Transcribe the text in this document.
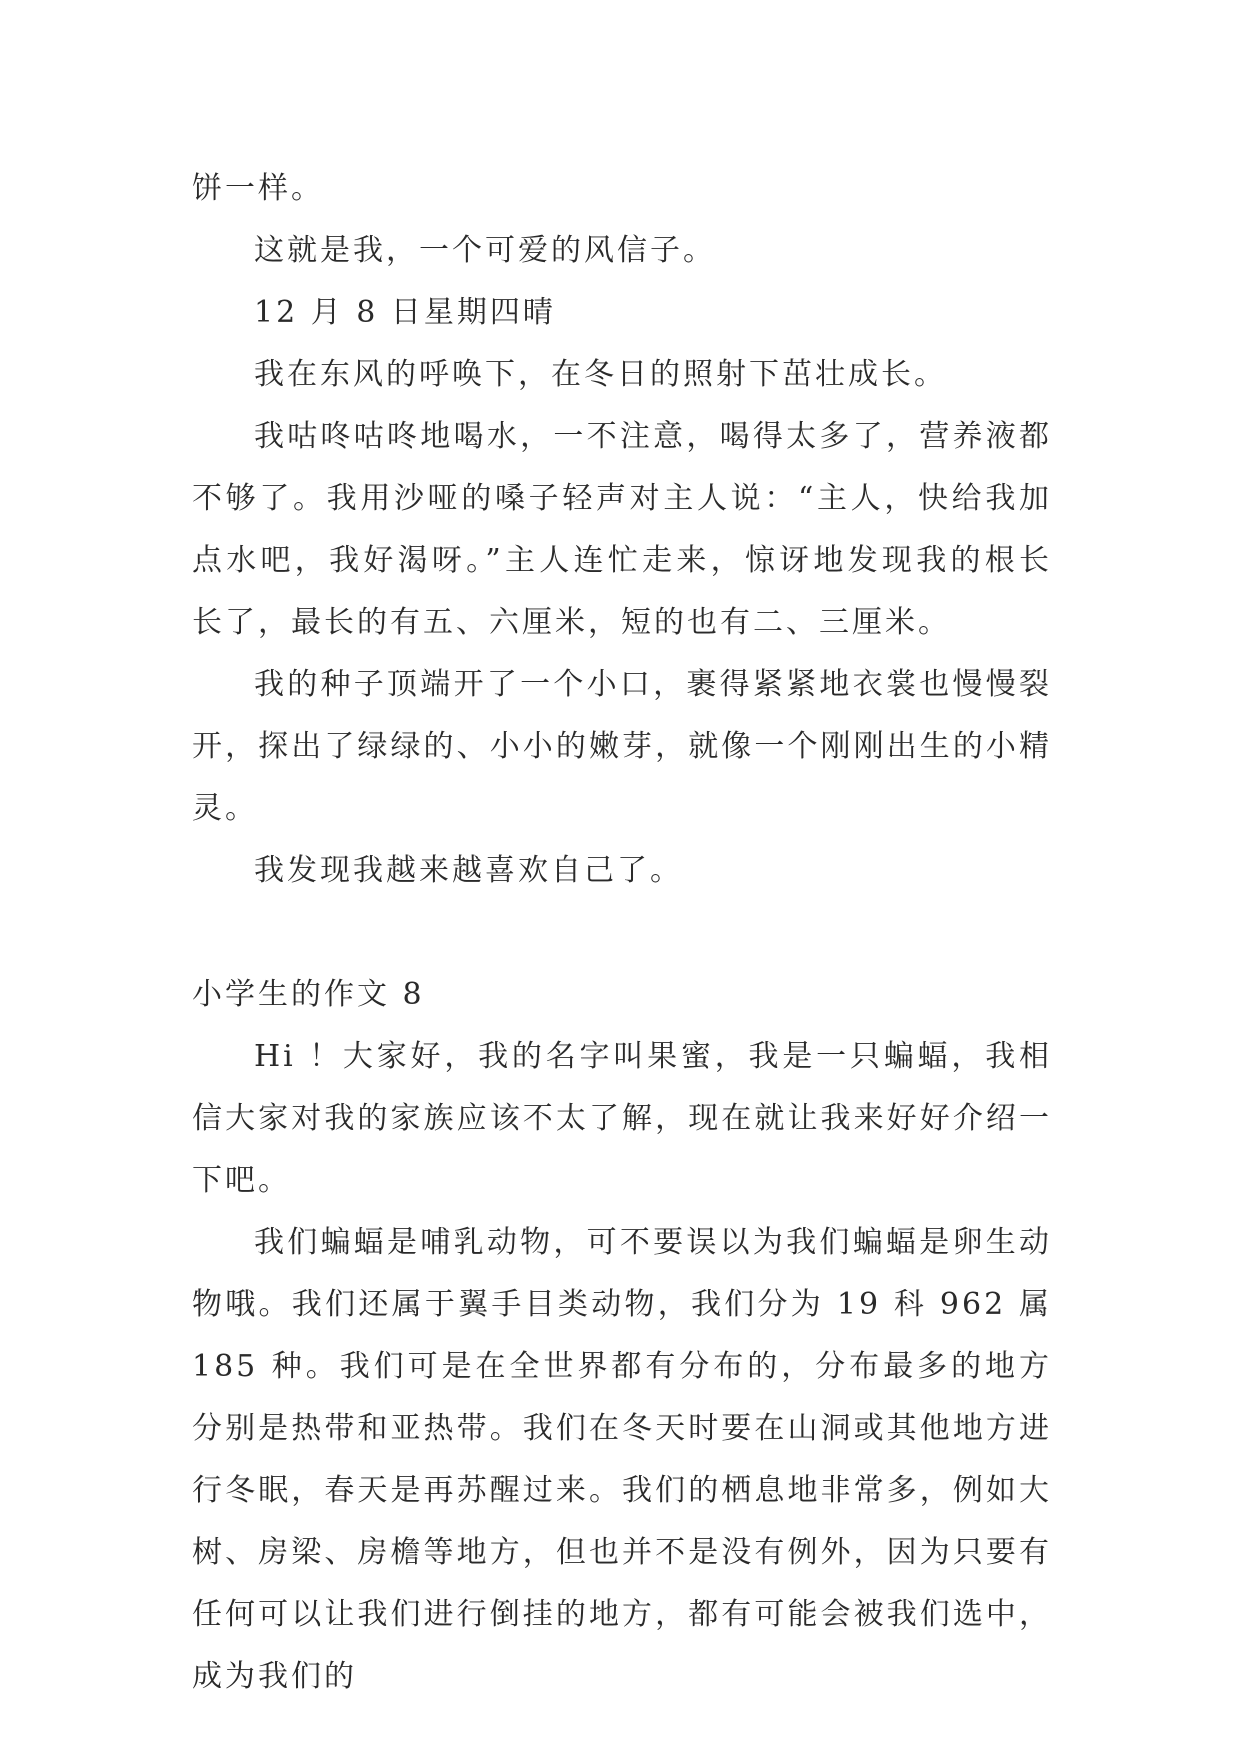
饼一样。

这就是我，一个可爱的风信子。

12 月 8 日星期四晴

我在东风的呼唤下，在冬日的照射下茁壮成长。

我咕咚咕咚地喝水，一不注意，喝得太多了，营养液都不够了。我用沙哑的嗓子轻声对主人说：“主人，快给我加点水吧，我好渴呀。”主人连忙走来，惊讶地发现我的根长长了，最长的有五、六厘米，短的也有二、三厘米。

我的种子顶端开了一个小口，裹得紧紧地衣裳也慢慢裂开，探出了绿绿的、小小的嫩芽，就像一个刚刚出生的小精灵。

我发现我越来越喜欢自己了。

小学生的作文 8

Hi ！大家好，我的名字叫果蜜，我是一只蝙蝠，我相信大家对我的家族应该不太了解，现在就让我来好好介绍一下吧。

我们蝙蝠是哺乳动物，可不要误以为我们蝙蝠是卵生动物哦。我们还属于翼手目类动物，我们分为 19 科 962 属 185 种。我们可是在全世界都有分布的，分布最多的地方分别是热带和亚热带。我们在冬天时要在山洞或其他地方进行冬眠，春天是再苏醒过来。我们的栖息地非常多，例如大树、房梁、房檐等地方，但也并不是没有例外，因为只要有任何可以让我们进行倒挂的地方，都有可能会被我们选中，成为我们的
